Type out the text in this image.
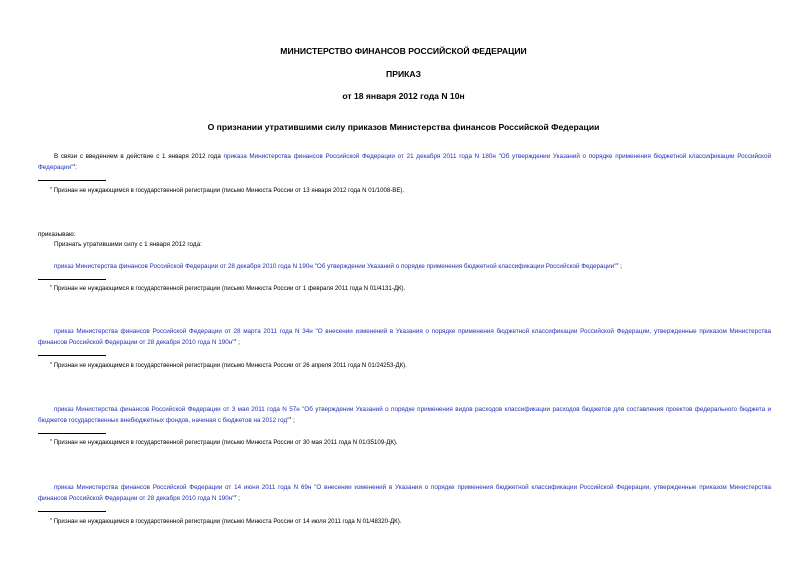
МИНИСТЕРСТВО ФИНАНСОВ РОССИЙСКОЙ ФЕДЕРАЦИИ
ПРИКАЗ
от 18 января 2012 года N 10н
О признании утратившими силу приказов Министерства финансов Российской Федерации
В связи с введением в действие с 1 января 2012 года приказа Министерства финансов Российской Федерации от 21 декабря 2011 года N 180н "Об утверждении Указаний о порядке применения бюджетной классификации Российской Федерации"*:
* Признан не нуждающимся в государственной регистрации (письмо Минюста России от 13 января 2012 года N 01/1008-ВЕ).
приказываю:
Признать утратившими силу с 1 января 2012 года:
приказ Министерства финансов Российской Федерации от 28 декабря 2010 года N 190н "Об утверждении Указаний о порядке применения бюджетной классификации Российской Федерации"* ;
* Признан не нуждающимся в государственной регистрации (письмо Минюста России от 1 февраля 2011 года N 01/4131-ДК).
приказ Министерства финансов Российской Федерации от 28 марта 2011 года N 34н "О внесении изменений в Указания о порядке применения бюджетной классификации Российской Федерации, утвержденные приказом Министерства финансов Российской Федерации от 28 декабря 2010 года N 190н"* ;
* Признан не нуждающимся в государственной регистрации (письмо Минюста России от 26 апреля 2011 года N 01/24253-ДК).
приказ Министерства финансов Российской Федерации от 3 мая 2011 года N 57н "Об утверждении Указаний о порядке применения видов расходов классификации расходов бюджетов для составления проектов федерального бюджета и бюджетов государственных внебюджетных фондов, начиная с бюджетов на 2012 год"* ;
* Признан не нуждающимся в государственной регистрации (письмо Минюста России от 30 мая 2011 года N 01/35109-ДК).
приказ Министерства финансов Российской Федерации от 14 июня 2011 года N 69н "О внесении изменений в Указания о порядке применения бюджетной классификации Российской Федерации, утвержденные приказом Министерства финансов Российской Федерации от 28 декабря 2010 года N 190н"* ;
* Признан не нуждающимся в государственной регистрации (письмо Минюста России от 14 июля 2011 года N 01/48320-ДК).
